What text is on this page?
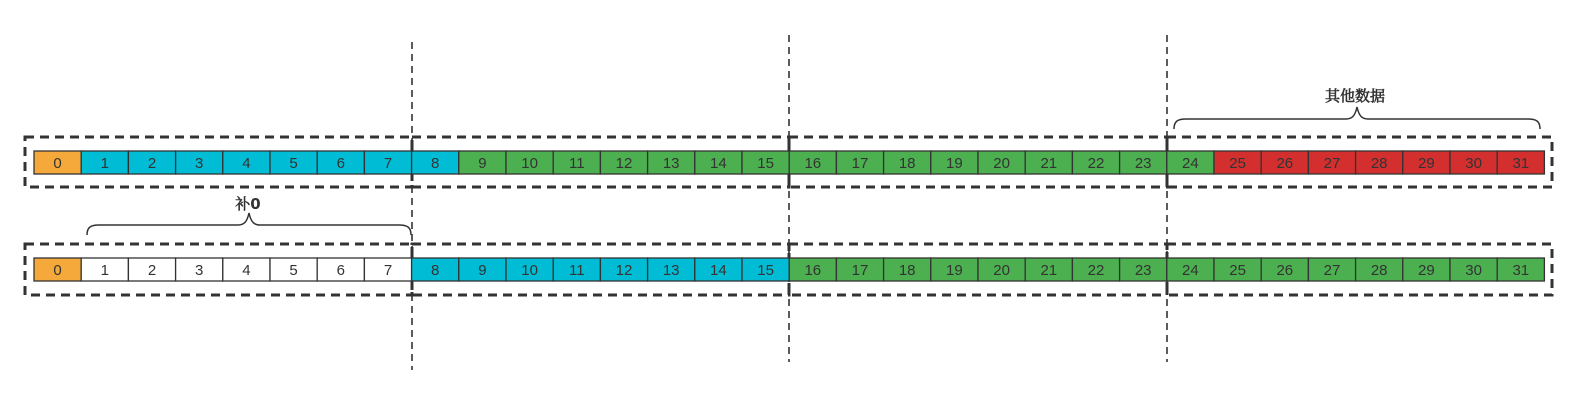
0	1	2	3	4	5	6	7	8	9 10 11 12 13 14 15 16 17 18 19 20 21 22 23 24 25 26 27 28 29 30 31
0	1	2	3	4	5	6	7	8	9 10 11 12 13 14 15 16 17 18 19 20 21 22 23 24 25 26 27 28 29 30 31
其他数据
补0
